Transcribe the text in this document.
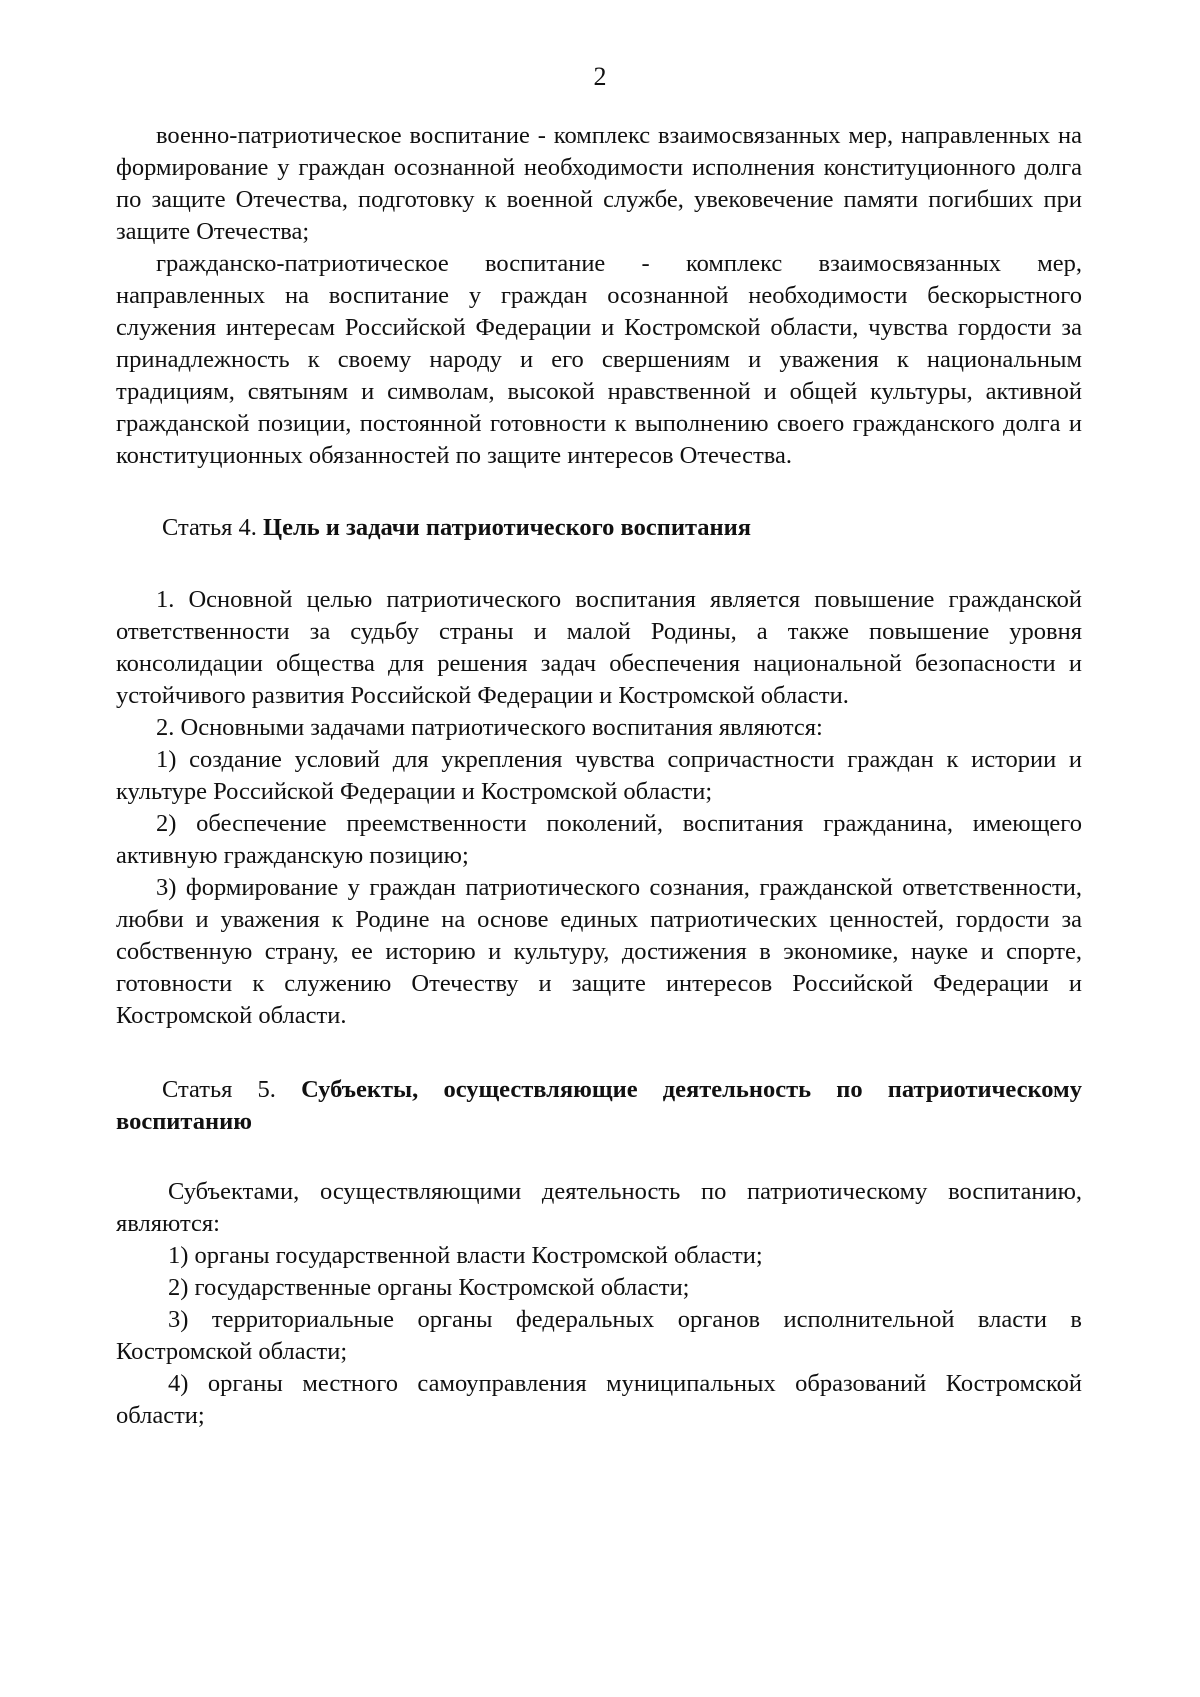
2

военно-патриотическое воспитание - комплекс взаимосвязанных мер, направленных на формирование у граждан осознанной необходимости исполнения конституционного долга по защите Отечества, подготовку к военной службе, увековечение памяти погибших при защите Отечества;

гражданско-патриотическое воспитание - комплекс взаимосвязанных мер, направленных на воспитание у граждан осознанной необходимости бескорыстного служения интересам Российской Федерации и Костромской области, чувства гордости за принадлежность к своему народу и его свершениям и уважения к национальным традициям, святыням и символам, высокой нравственной и общей культуры, активной гражданской позиции, постоянной готовности к выполнению своего гражданского долга и конституционных обязанностей по защите интересов Отечества.

Статья 4. Цель и задачи патриотического воспитания

1. Основной целью патриотического воспитания является повышение гражданской ответственности за судьбу страны и малой Родины, а также повышение уровня консолидации общества для решения задач обеспечения национальной безопасности и устойчивого развития Российской Федерации и Костромской области.

2. Основными задачами патриотического воспитания являются:

1) создание условий для укрепления чувства сопричастности граждан к истории и культуре Российской Федерации и Костромской области;

2) обеспечение преемственности поколений, воспитания гражданина, имеющего активную гражданскую позицию;

3) формирование у граждан патриотического сознания, гражданской ответственности, любви и уважения к Родине на основе единых патриотических ценностей, гордости за собственную страну, ее историю и культуру, достижения в экономике, науке и спорте, готовности к служению Отечеству и защите интересов Российской Федерации и Костромской области.

Статья 5. Субъекты, осуществляющие деятельность по патриотическому воспитанию

Субъектами, осуществляющими деятельность по патриотическому воспитанию, являются:

1) органы государственной власти Костромской области;

2) государственные органы Костромской области;

3) территориальные органы федеральных органов исполнительной власти в Костромской области;

4) органы местного самоуправления муниципальных образований Костромской области;
